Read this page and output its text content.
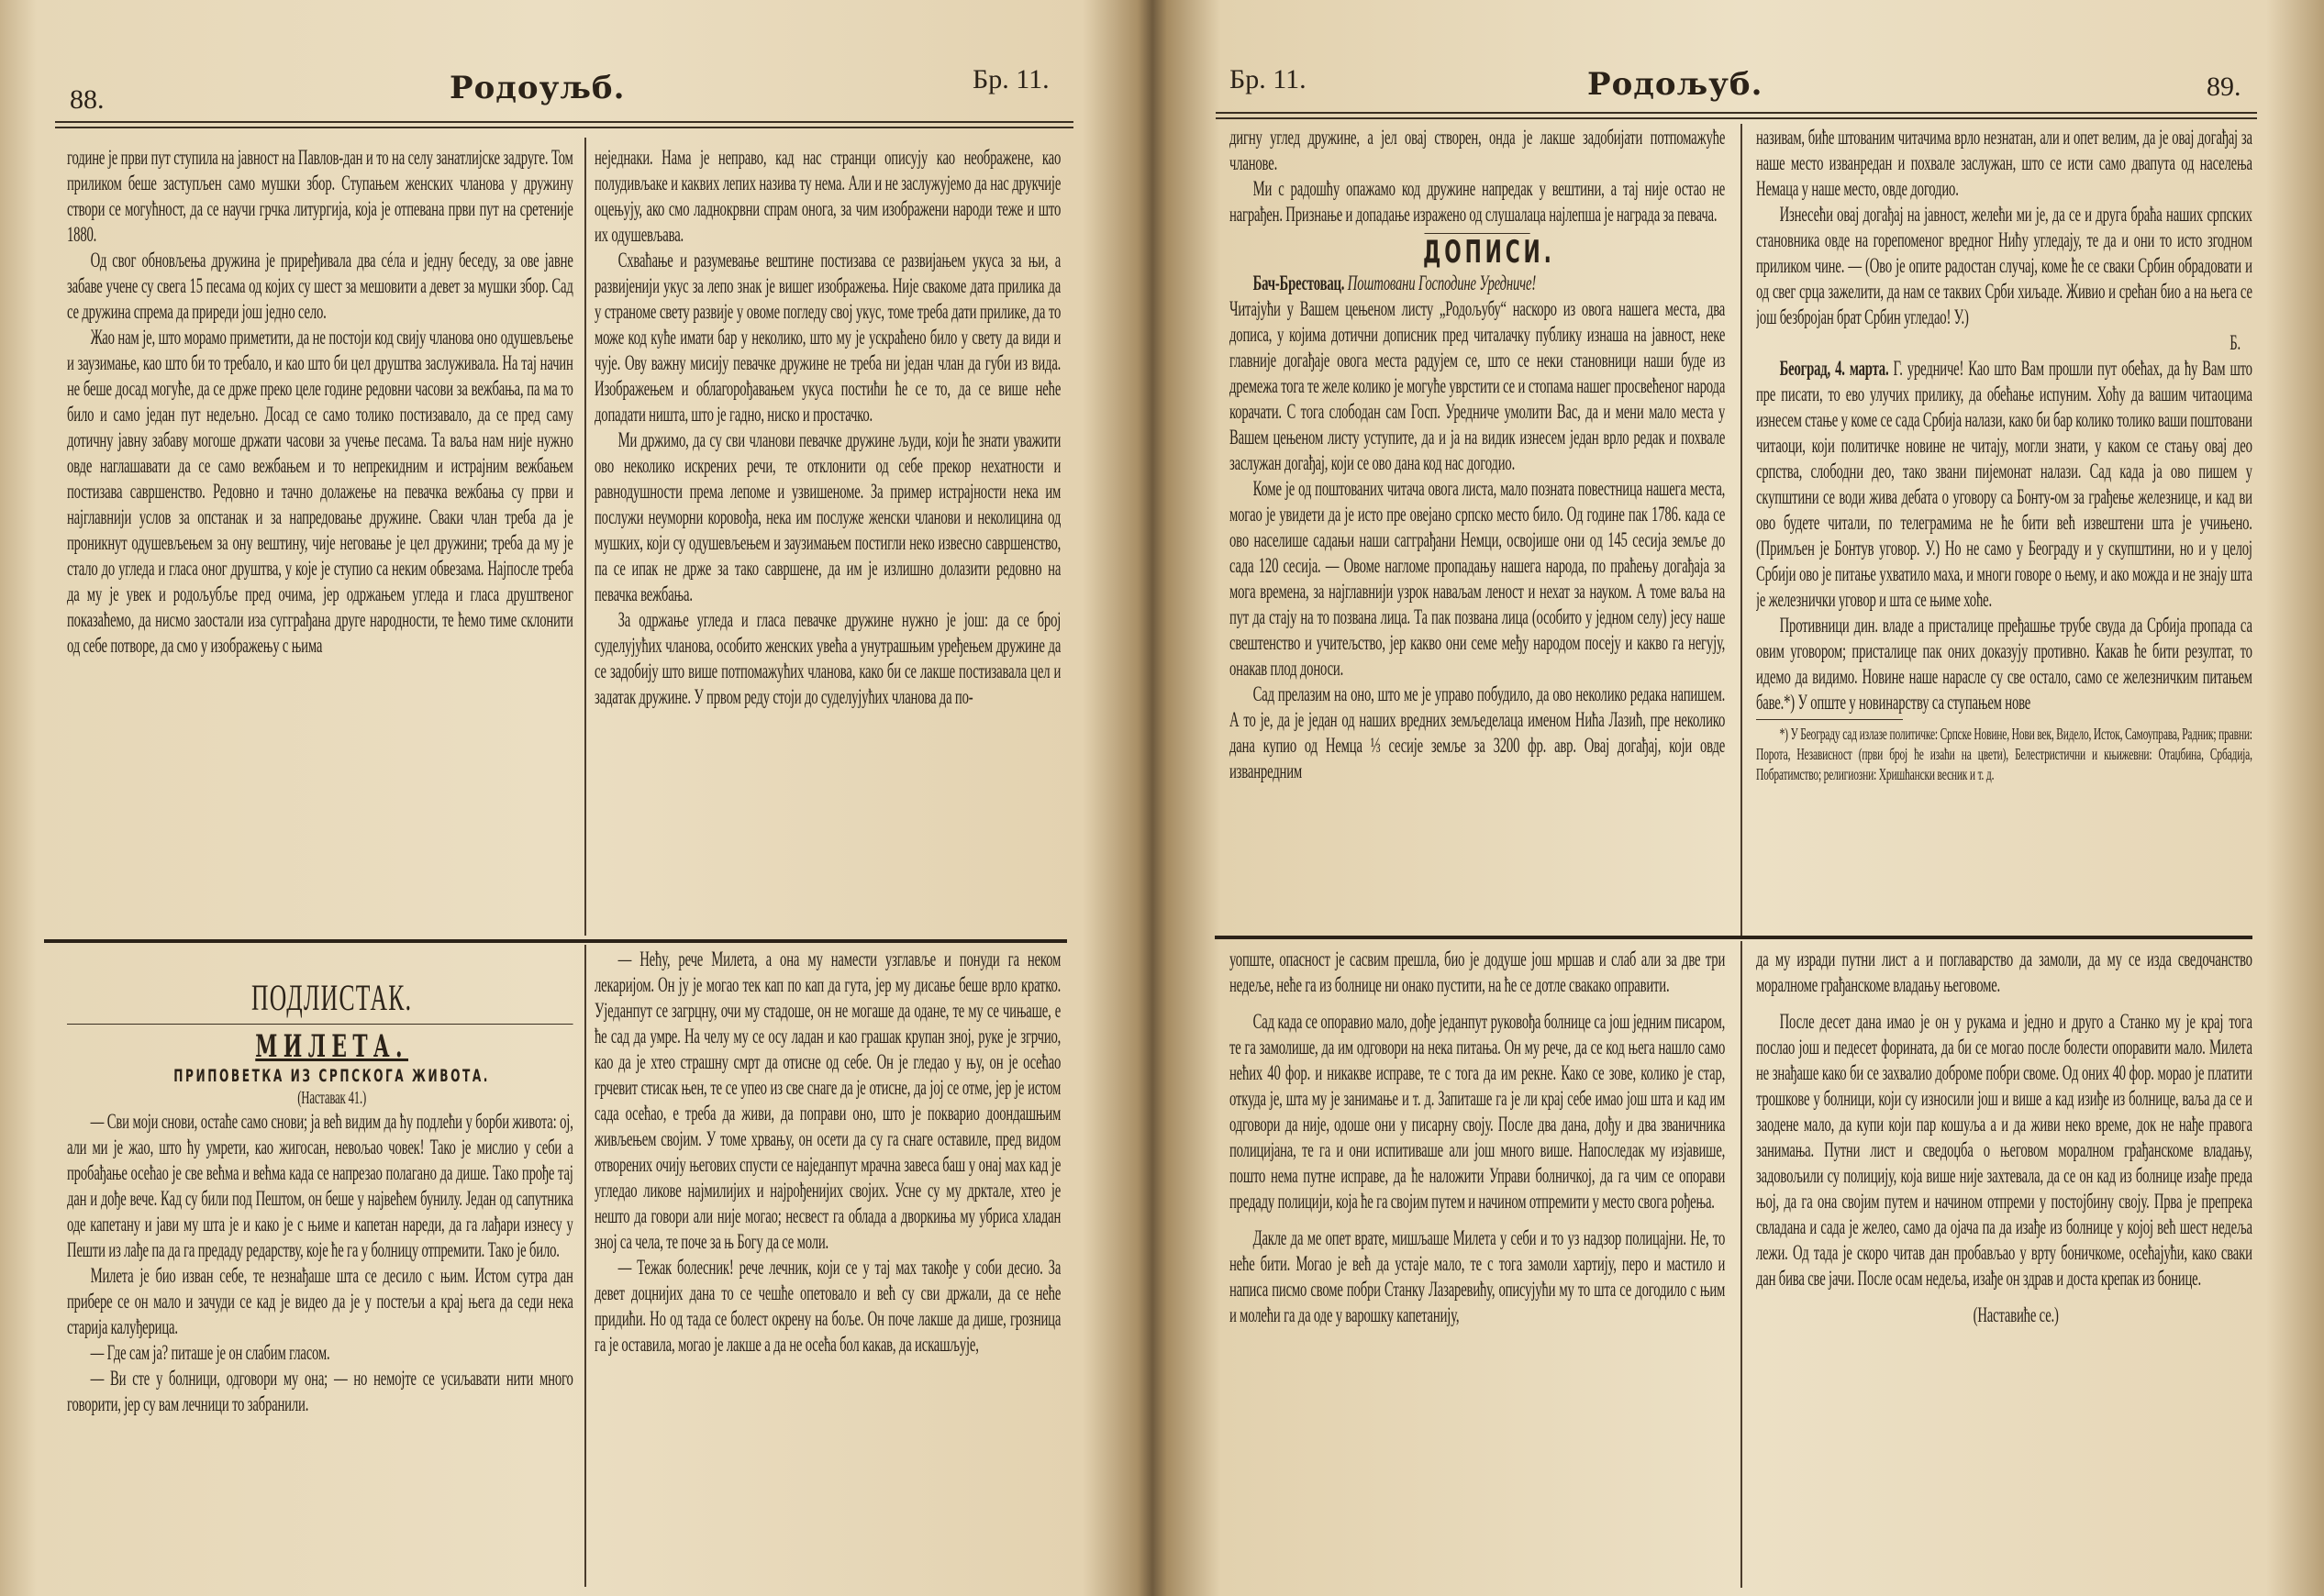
88.	Родоуљб.	Бр. 11.

године је први пут ступила на јавност на Павлов-дан и то на селу занатлијске задруге. Том приликом беше заступљен само мушки збор. Ступањем женских чланова у дружину створи се могућност, да се научи грчка литургија, која је отпевана први пут на сретеније 1880.

Од свог обновљења дружина је приређивала два сéла и једну беседу, за ове јавне забаве учене су свега 15 песама од којих су шест за мешовити а девет за мушки збор. Сад се дружина спрема да приреди још једно село.

Жао нам је, што морамо приметити, да не постоји код свију чланова оно одушевљење и заузимање, као што би то требало, и као што би цел друштва заслуживала. На тај начин не беше досад могуће, да се држе преко целе године редовни часови за вежбања, па ма то било и само један пут недељно. Досад се само толико постизавало, да се пред саму дотичну јавну забаву могоше држати часови за учење песама. Та ваља нам није нужно овде наглашавати да се само вежбањем и то непрекидним и истрајним вежбањем постизава савршенство. Редовно и тачно долажење на певачка вежбања су први и најглавнији услов за опстанак и за напредовање дружине. Сваки члан треба да је проникнут одушевљењем за ону вештину, чије неговање је цел дружини; треба да му је стало до угледа и гласа оног друштва, у које је ступио са неким обвезама. Најпосле треба да му је увек и родољубље пред очима, јер одржањем угледа и гласа друштвеног показаћемо, да нисмо заостали иза сугграђана друге народности, те ћемо тиме склонити од себе потворе, да смо у изображењу с њима

неједнаки. Нама је неправо, кад нас странци описују као неображене, као полудивљаке и каквих лепих назива ту нема. Али и не заслужујемо да нас друкчије оцењују, ако смо ладнокрвни спрам онога, за чим изображени народи теже и што их одушевљава.

Схваћање и разумевање вештине постизава се развијањем укуса за њи, а развијенији укус за лепо знак је вишег изображења. Није свакоме дата прилика да у страноме свету развије у овоме погледу свој укус, томе треба дати прилике, да то може код куће имати бар у неколико, што му је ускраћено било у свету да види и чује. Ову важну мисију певачке дружине не треба ни један члан да губи из вида. Изображењем и облагорођавањем укуса постићи ће се то, да се више неће допадати ништа, што је гадно, ниско и простачко.

Ми држимо, да су сви чланови певачке дружине људи, који ће знати уважити ово неколико искрених речи, те отклонити од себе прекор нехатности и равнодушности према лепоме и узвишеноме. За пример истрајности нека им послужи неуморни коровођа, нека им послуже женски чланови и неколицина од мушких, који су одушевљењем и заузимањем постигли неко извесно савршенство, па се ипак не држе за тако савршене, да им је излишно долазити редовно на певачка вежбања.

За одржање угледа и гласа певачке дружине нужно је још: да се број суделујућих чланова, особито женских увећа а унутрашњим уређењем дружине да се задобију што више потпомажућих чланова, како би се лакше постизавала цел и задатак дружине. У првом реду стоји до суделујућих чланова да по-

ПОДЛИСТАК.

МИЛЕТА.

ПРИПОВЕТКА ИЗ СРПСКОГА ЖИВОТА.

(Наставак 41.)

— Сви моји снови, остаће само снови; ја већ видим да ћу подлећи у борби живота: ој, али ми је жао, што ћу умрети, као жигосан, невољао човек! Тако је мислио у себи а пробађање осећао је све већма и већма када се напрезао полагано да дише. Тако прође тај дан и дође вече. Кад су били под Пештом, он беше у највећем бунилу. Један од сапутника оде капетану и јави му шта је и како је с њиме и капетан нареди, да га лађари изнесу у Пешти из лађе па да га предаду редарству, које ће га у болницу отпремити. Тако је било.

Милета је био изван себе, те незнађаше шта се десило с њим. Истом сутра дан прибере се он мало и зачуди се кад је видео да је у постељи а крај њега да седи нека старија калуђерица.

— Где сам ја? питаше је он слабим гласом.

— Ви сте у болници, одговори му она; — но немојте се усиљавати нити много говорити, јер су вам лечници то забранили.

— Нећу, рече Милета, а она му намести узглавље и понуди га неком лекаријом. Он ју је могао тек кап по кап да гута, јер му дисање беше врло кратко. Уједанпут се загрцну, очи му стадоше, он не могаше да одане, те му се чињаше, е ће сад да умре. На челу му се осу ладан и као грашак крупан зној, руке је згрчио, као да је хтео страшну смрт да отисне од себе. Он је гледао у њу, он је осећао грчевит стисак њен, те се упео из све снаге да је отисне, да јој се отме, јер је истом сада осећао, е треба да живи, да поправи оно, што је покварио доондашњим живљењем својим. У томе хрвању, он осети да су га снаге оставиле, пред видом отворених очију његових спусти се наједанпут мрачна завеса баш у онај мах кад је угледао ликове најмилијих и најрођенијих својих. Усне су му дрктале, хтео је нешто да говори али није могао; несвест га облада а дворкиња му убриса хладан зној са чела, те поче за њ Богу да се моли.

— Тежак болесник! рече лечник, који се у тај мах такође у соби десио. За девет доцнијих дана то се чешће опетовало и већ су сви држали, да се неће придићи. Но од тада се болест окрену на боље. Он поче лакше да дише, грозница га је оставила, могао је лакше а да не осећа бол какав, да искашљује,

Бр. 11.	Родољуб.	89.

дигну углед дружине, а јел овај створен, онда је лакше задобијати потпомажуће чланове.

Ми с радошћу опажамо код дружине напредак у вештини, а тај није остао не награђен. Признање и допадање изражено од слушалаца најлепша је награда за певача.

ДОПИСИ.

Бач-Брестовац. Поштовани Господине Уредниче!

Читајући у Вашем цењеном листу „Родољубу“ наскоро из овога нашега места, два дописа, у којима дотични дописник пред читалачку публику изнаша на јавност, неке главније догађаје овога места радујем се, што се неки становници наши буде из дремежа тога те желе колико је могуће уврстити се и стопама нашег просвећеног народа корачати. С тога слободан сам Госп. Уредниче умолити Вас, да и мени мало места у Вашем цењеном листу уступите, да и ја на видик изнесем један врло редак и похвале заслужан догађај, који се ово дана код нас догодио.

Коме је од поштованих читача овога листа, мало позната повестница нашега места, могао је увидети да је исто пре овејано српско место било. Од године пак 1786. када се ово населише садањи наши сагграђани Немци, освојише они од 145 сесија земље до сада 120 сесија. — Овоме нагломе пропадању нашега народа, по праћењу догађаја за мога времена, за најглавнији узрок наваљам леност и нехат за науком. А томе ваља на пут да стају на то позвана лица. Та пак позвана лица (особито у једном селу) јесу наше свештенство и учитељство, јер какво они семе међу народом посеју и какво га негују, онакав плод доноси.

Сад прелазим на оно, што ме је управо побудило, да ово неколико редака напишем. А то је, да је један од наших вредних земљеделаца именом Нића Лазић, пре неколико дана купио од Немца ⅓ сесије земље за 3200 фр. авр. Овај догађај, који овде изванредним

називам, биће штованим читачима врло незнатан, али и опет велим, да је овај догађај за наше место изванредан и похвале заслужан, што се исти само двапута од населења Немаца у наше место, овде догодио.

Изнесећи овај догађај на јавност, желећи ми је, да се и друга браћа наших српских становника овде на горепоменог вредног Нићу угледају, те да и они то исто згодном приликом чине. — (Ово је опите радостан случај, коме ће се сваки Србин обрадовати и од свег срца зажелити, да нам се таквих Срби хиљаде. Живио и срећан био а на њега се још безбројан брат Србин угледао! У.)

Б.

Београд, 4. марта. Г. уредниче! Као што Вам прошли пут обећах, да ћу Вам што пре писати, то ево улучих прилику, да обећање испуним. Хоћу да вашим читаоцима изнесем стање у коме се сада Србија налази, како би бар колико толико ваши поштовани читаоци, који политичке новине не читају, могли знати, у каком се стању овај део српства, слободни део, тако звани пијемонат налази. Сад када ја ово пишем у скупштини се води жива дебата о уговору са Бонту-ом за грађење железнице, и кад ви ово будете читали, по телеграмима не ће бити већ извештени шта је учињено. (Примљен је Бонтув уговор. У.) Но не само у Београду и у скупштини, но и у целој Србији ово је питање ухватило маха, и многи говоре о њему, и ако можда и не знају шта је железнички уговор и шта се њиме хоће.

Противници дин. владе а присталице пређашње трубе свуда да Србија пропада са овим уговором; присталице пак оних доказују противно. Какав ће бити резултат, то идемо да видимо. Новине наше нарасле су све остало, само се железничким питањем баве.*) У опште у новинарству са ступањем нове

*) У Београду сад излазе политичке: Српске Новине, Нови век, Видело, Исток, Самоуправа, Радник; правни: Порота, Независност (први број ће изаћи на цвети), Белестристични и књижевни: Отаџбина, Србадија, Побратимство; религиозни: Хришћански весник и т. д.

уопште, опасност је сасвим прешла, био је додуше још мршав и слаб али за две три недеље, неће га из болнице ни онако пустити, на ће се дотле свакако оправити.

Сад када се опоравио мало, дође једанпут руковођа болнице са још једним писаром, те га замолише, да им одговори на нека питања. Он му рече, да се код њега нашло само нећих 40 фор. и никакве исправе, те с тога да им рекне. Како се зове, колико је стар, откуда је, шта му је занимање и т. д. Запиташе га је ли крај себе имао још шта и кад им одговори да није, одоше они у писарну своју. После два дана, дођу и два званичника полицијана, те га и они испитиваше али још много више. Напоследак му изјавише, пошто нема путне исправе, да ће наложити Управи болничкој, да га чим се опорави предаду полицији, која ће га својим путем и начином отпремити у место свога рођења.

Дакле да ме опет врате, мишљаше Милета у себи и то уз надзор полицајни. Не, то неће бити. Могао је већ да устаје мало, те с тога замоли хартију, перо и мастило и написа писмо своме побри Станку Лазаревићу, описујући му то шта се догодило с њим и молећи га да оде у варошку капетанију,

да му изради путни лист а и поглаварство да замоли, да му се изда сведочанство моралноме грађанскоме владању његовоме.

После десет дана имао је он у рукама и једно и друго а Станко му је крај тога послао још и педесет форината, да би се могао после болести опоравити мало. Милета не знађаше како би се захвалио доброме побри своме. Од оних 40 фор. морао је платити трошкове у болници, који су износили још и више а кад изиђе из болнице, ваља да се и заодене мало, да купи који пар кошуља а и да живи неко време, док не нађе правога занимања. Путни лист и сведоџба о његовом моралном грађанскоме владању, задовољили су полицију, која више није захтевала, да се он кад из болнице изађе преда њој, да га она својим путем и начином отпреми у постојбину своју. Прва је препрека свладана и сада је желео, само да ојача па да изађе из болнице у којој већ шест недеља лежи. Од тада је скоро читав дан пробављао у врту боничкоме, осећајући, како сваки дан бива све јачи. После осам недеља, изађе он здрав и доста крепак из бонице.

(Наставиће се.)
